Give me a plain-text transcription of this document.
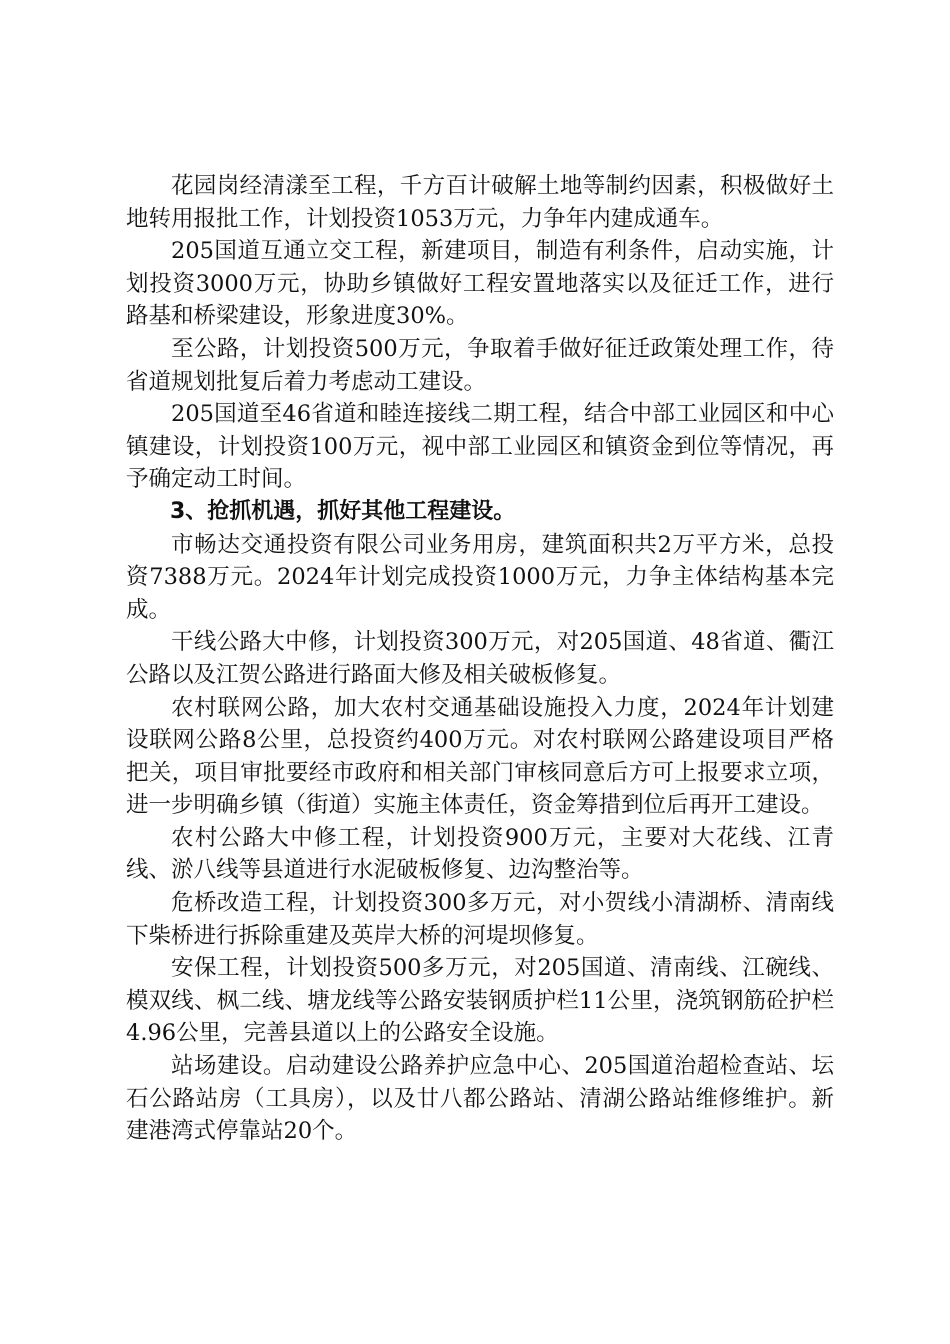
花园岗经清漾至工程，千方百计破解土地等制约因素，积极做好土地转用报批工作，计划投资1053万元，力争年内建成通车。

205国道互通立交工程，新建项目，制造有利条件，启动实施，计划投资3000万元，协助乡镇做好工程安置地落实以及征迁工作，进行路基和桥梁建设，形象进度30%。

至公路，计划投资500万元，争取着手做好征迁政策处理工作，待省道规划批复后着力考虑动工建设。

205国道至46省道和睦连接线二期工程，结合中部工业园区和中心镇建设，计划投资100万元，视中部工业园区和镇资金到位等情况，再予确定动工时间。

3、抢抓机遇，抓好其他工程建设。

市畅达交通投资有限公司业务用房，建筑面积共2万平方米，总投资7388万元。2024年计划完成投资1000万元，力争主体结构基本完成。

干线公路大中修，计划投资300万元，对205国道、48省道、衢江公路以及江贺公路进行路面大修及相关破板修复。

农村联网公路，加大农村交通基础设施投入力度，2024年计划建设联网公路8公里，总投资约400万元。对农村联网公路建设项目严格把关，项目审批要经市政府和相关部门审核同意后方可上报要求立项，进一步明确乡镇（街道）实施主体责任，资金筹措到位后再开工建设。

农村公路大中修工程，计划投资900万元，主要对大花线、江青线、淤八线等县道进行水泥破板修复、边沟整治等。

危桥改造工程，计划投资300多万元，对小贺线小清湖桥、清南线下柴桥进行拆除重建及英岸大桥的河堤坝修复。

安保工程，计划投资500多万元，对205国道、清南线、江碗线、模双线、枫二线、塘龙线等公路安装钢质护栏11公里，浇筑钢筋砼护栏4.96公里，完善县道以上的公路安全设施。

站场建设。启动建设公路养护应急中心、205国道治超检查站、坛石公路站房（工具房），以及廿八都公路站、清湖公路站维修维护。新建港湾式停靠站20个。
